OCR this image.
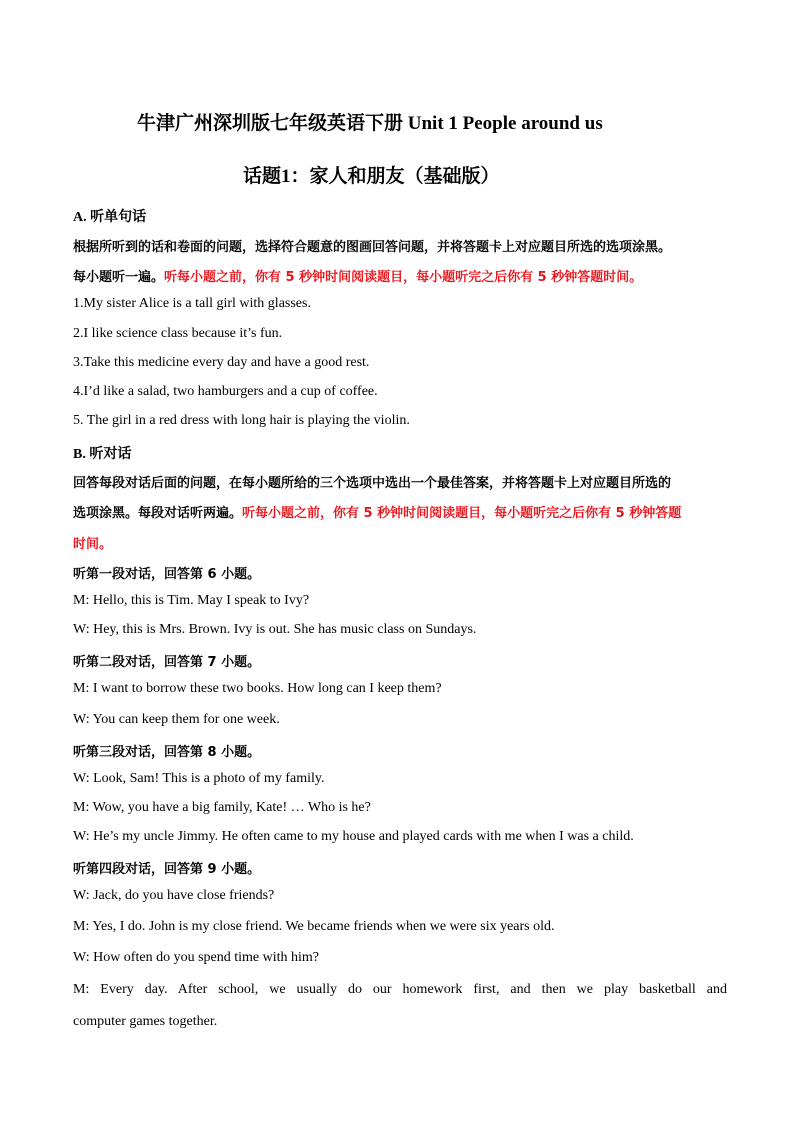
牛津广州深圳版七年级英语下册 Unit 1 People around us
话题1：家人和朋友（基础版）
A. 听单句话
根据所听到的话和卷面的问题，选择符合题意的图画回答问题，并将答题卡上对应题目所选的选项涂黑。
每小题听一遍。听每小题之前，你有 5 秒钟时间阅读题目，每小题听完之后你有 5 秒钟答题时间。
1.My sister Alice is a tall girl with glasses.
2.I like science class because it’s fun.
3.Take this medicine every day and have a good rest.
4.I’d like a salad, two hamburgers and a cup of coffee.
5. The girl in a red dress with long hair is playing the violin.
B. 听对话
回答每段对话后面的问题，在每小题所给的三个选项中选出一个最佳答案，并将答题卡上对应题目所选的
选项涂黑。每段对话听两遍。听每小题之前，你有 5 秒钟时间阅读题目，每小题听完之后你有 5 秒钟答题
时间。
听第一段对话，回答第 6 小题。
M: Hello, this is Tim. May I speak to Ivy?
W: Hey, this is Mrs. Brown. Ivy is out. She has music class on Sundays.
听第二段对话，回答第 7 小题。
M: I want to borrow these two books. How long can I keep them?
W: You can keep them for one week.
听第三段对话，回答第 8 小题。
W: Look, Sam! This is a photo of my family.
M: Wow, you have a big family, Kate! … Who is he?
W: He’s my uncle Jimmy. He often came to my house and played cards with me when I was a child.
听第四段对话，回答第 9 小题。
W: Jack, do you have close friends?
M: Yes, I do. John is my close friend. We became friends when we were six years old.
W: How often do you spend time with him?
M: Every day. After school, we usually do our homework first, and then we play basketball and
computer games together.
